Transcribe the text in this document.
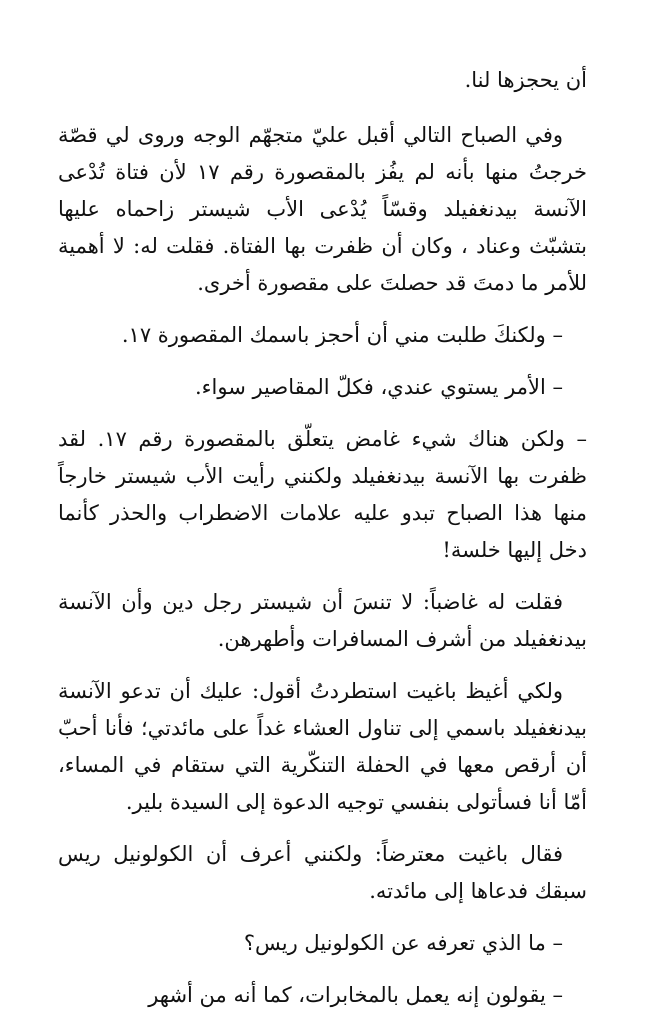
أن يحجزها لنا.

وفي الصباح التالي أقبل عليّ متجهّم الوجه وروى لي قصّة خرجتُ منها بأنه لم يفُز بالمقصورة رقم ١٧ لأن فتاة تُدْعى الآنسة بيدنغفيلد وقسّاً يُدْعى الأب شيستر زاحماه عليها بتشبّث وعناد ، وكان أن ظفرت بها الفتاة. فقلت له: لا أهمية للأمر ما دمتَ قد حصلتَ على مقصورة أخرى.

– ولكنكَ طلبت مني أن أحجز باسمك المقصورة ١٧.

– الأمر يستوي عندي، فكلّ المقاصير سواء.

– ولكن هناك شيء غامض يتعلّق بالمقصورة رقم ١٧. لقد ظفرت بها الآنسة بيدنغفيلد ولكنني رأيت الأب شيستر خارجاً منها هذا الصباح تبدو عليه علامات الاضطراب والحذر كأنما دخل إليها خلسة!

فقلت له غاضباً: لا تنسَ أن شيستر رجل دين وأن الآنسة بيدنغفيلد من أشرف المسافرات وأطهرهن.

ولكي أغيظ باغيت استطردتُ أقول: عليك أن تدعو الآنسة بيدنغفيلد باسمي إلى تناول العشاء غداً على مائدتي؛ فأنا أحبّ أن أرقص معها في الحفلة التنكّرية التي ستقام في المساء، أمّا أنا فسأتولى بنفسي توجيه الدعوة إلى السيدة بلير.

فقال باغيت معترضاً: ولكنني أعرف أن الكولونيل ريس سبقك فدعاها إلى مائدته.

– ما الذي تعرفه عن الكولونيل ريس؟

– يقولون إنه يعمل بالمخابرات، كما أنه من أشهر
